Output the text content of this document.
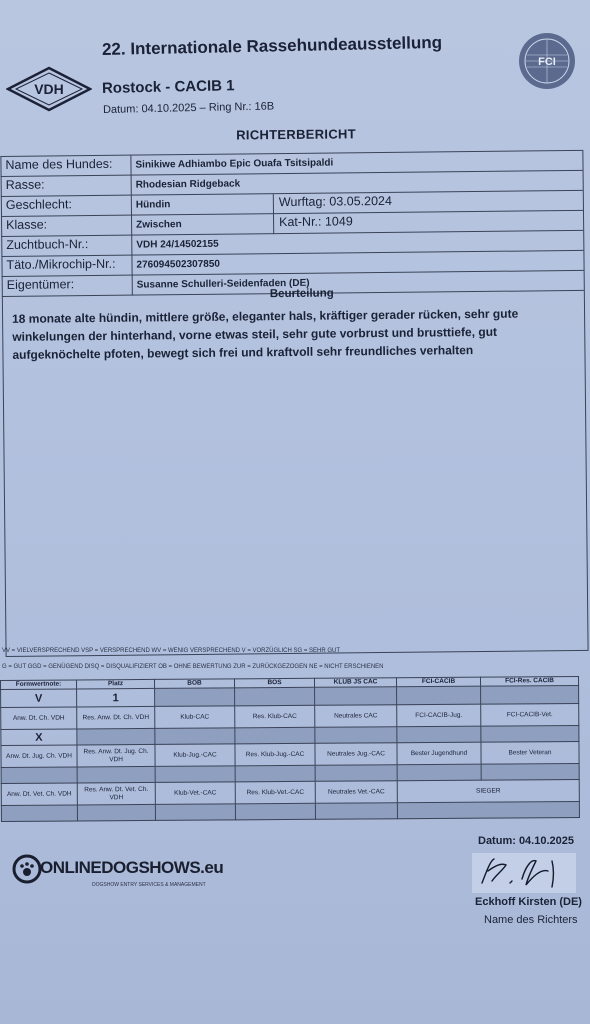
VDH
FCI
22. Internationale Rassehundeausstellung
Rostock - CACIB 1
Datum: 04.10.2025 – Ring Nr.: 16B
RICHTERBERICHT
Name des Hundes: Sinikiwe Adhiambo Epic Ouafa Tsitsipaldi
Rasse:	Rhodesian Ridgeback
Geschlecht:	Hündin	Wurftag: 03.05.2024
Klasse:	Zwischen	Kat-Nr.: 1049
Zuchtbuch-Nr.:	VDH 24/14502155
Täto./Mikrochip-Nr.: 276094502307850
Eigentümer:	Susanne Schulleri-Seidenfaden (DE)
Beurteilung
18 monate alte hündin, mittlere größe, eleganter hals, kräftiger gerader rücken, sehr gute winkelungen der hinterhand, vorne etwas steil, sehr gute vorbrust und brusttiefe, gut aufgeknöchelte pfoten, bewegt sich frei und kraftvoll sehr freundliches verhalten
VV = VIELVERSPRECHEND VSP = VERSPRECHEND WV = WENIG VERSPRECHEND V = VORZÜGLICH SG = SEHR GUT
G = GUT GGD = GENÜGEND DISQ = DISQUALIFIZIERT OB = OHNE BEWERTUNG ZUR = ZURÜCKGEZOGEN NE = NICHT ERSCHIENEN
Formwertnote:	Platz	BOB	BOS	KLUB JS CAC	FCI-CACIB	FCI-Res. CACIB
V	1					
Anw. Dt. Ch. VDH	Res. Anw. Dt. Ch. VDH	Klub-CAC	Res. Klub-CAC	Neutrales CAC	FCI-CACIB-Jug.	FCI-CACIB-Vet.
X						
Anw. Dt. Jug. Ch. VDH	Res. Anw. Dt. Jug. Ch. VDH	Klub-Jug.-CAC	Res. Klub-Jug.-CAC	Neutrales Jug.-CAC	Bester Jugendhund	Bester Veteran

Anw. Dt. Vet. Ch. VDH	Res. Anw. Dt. Vet. Ch. VDH	Klub-Vet.-CAC	Res. Klub-Vet.-CAC	Neutrales Vet.-CAC	SIEGER	

Datum: 04.10.2025
ONLINEDOGSHOWS.eu
DOGSHOW ENTRY SERVICES & MANAGEMENT
Eckhoff Kirsten (DE)
Name des Richters
